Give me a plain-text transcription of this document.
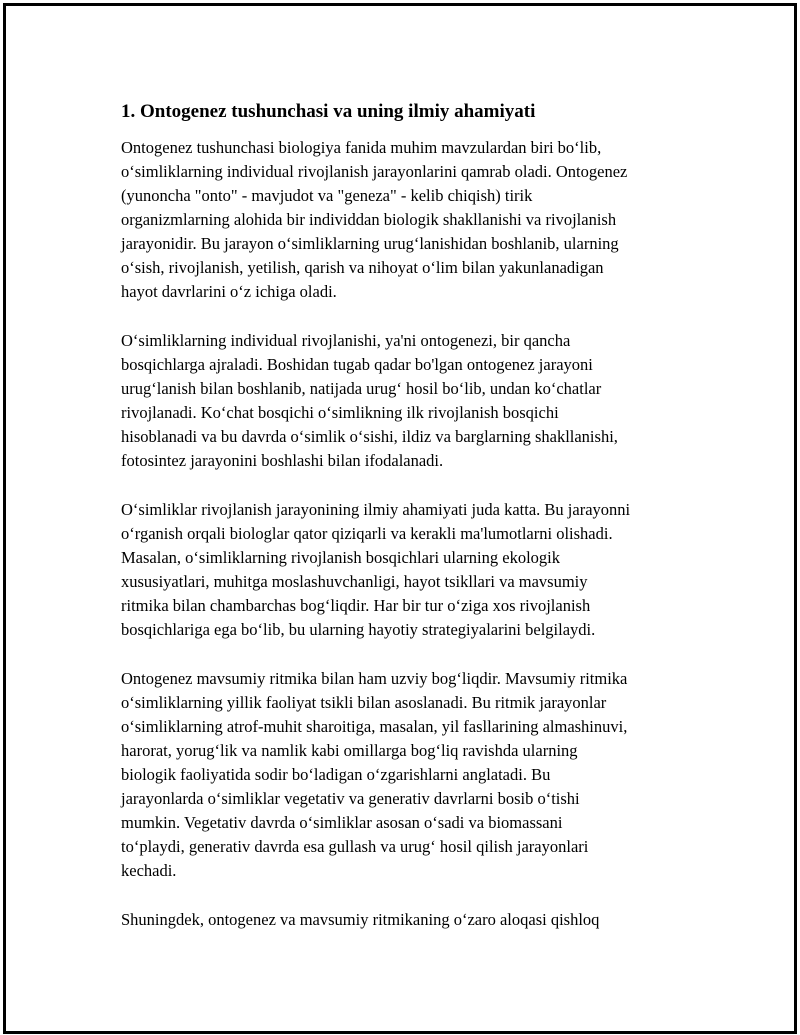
1. Ontogenez tushunchasi va uning ilmiy ahamiyati

Ontogenez tushunchasi biologiya fanida muhim mavzulardan biri bo‘lib,
o‘simliklarning individual rivojlanish jarayonlarini qamrab oladi. Ontogenez
(yunoncha "onto" - mavjudot va "geneza" - kelib chiqish) tirik
organizmlarning alohida bir individdan biologik shakllanishi va rivojlanish
jarayonidir. Bu jarayon o‘simliklarning urug‘lanishidan boshlanib, ularning
o‘sish, rivojlanish, yetilish, qarish va nihoyat o‘lim bilan yakunlanadigan
hayot davrlarini o‘z ichiga oladi.

O‘simliklarning individual rivojlanishi, ya'ni ontogenezi, bir qancha
bosqichlarga ajraladi. Boshidan tugab qadar bo'lgan ontogenez jarayoni
urug‘lanish bilan boshlanib, natijada urug‘ hosil bo‘lib, undan ko‘chatlar
rivojlanadi. Ko‘chat bosqichi o‘simlikning ilk rivojlanish bosqichi
hisoblanadi va bu davrda o‘simlik o‘sishi, ildiz va barglarning shakllanishi,
fotosintez jarayonini boshlashi bilan ifodalanadi.

O‘simliklar rivojlanish jarayonining ilmiy ahamiyati juda katta. Bu jarayonni
o‘rganish orqali biologlar qator qiziqarli va kerakli ma'lumotlarni olishadi.
Masalan, o‘simliklarning rivojlanish bosqichlari ularning ekologik
xususiyatlari, muhitga moslashuvchanligi, hayot tsikllari va mavsumiy
ritmika bilan chambarchas bog‘liqdir. Har bir tur o‘ziga xos rivojlanish
bosqichlariga ega bo‘lib, bu ularning hayotiy strategiyalarini belgilaydi.

Ontogenez mavsumiy ritmika bilan ham uzviy bog‘liqdir. Mavsumiy ritmika
o‘simliklarning yillik faoliyat tsikli bilan asoslanadi. Bu ritmik jarayonlar
o‘simliklarning atrof-muhit sharoitiga, masalan, yil fasllarining almashinuvi,
harorat, yorug‘lik va namlik kabi omillarga bog‘liq ravishda ularning
biologik faoliyatida sodir bo‘ladigan o‘zgarishlarni anglatadi. Bu
jarayonlarda o‘simliklar vegetativ va generativ davrlarni bosib o‘tishi
mumkin. Vegetativ davrda o‘simliklar asosan o‘sadi va biomassani
to‘playdi, generativ davrda esa gullash va urug‘ hosil qilish jarayonlari
kechadi.

Shuningdek, ontogenez va mavsumiy ritmikaning o‘zaro aloqasi qishloq
